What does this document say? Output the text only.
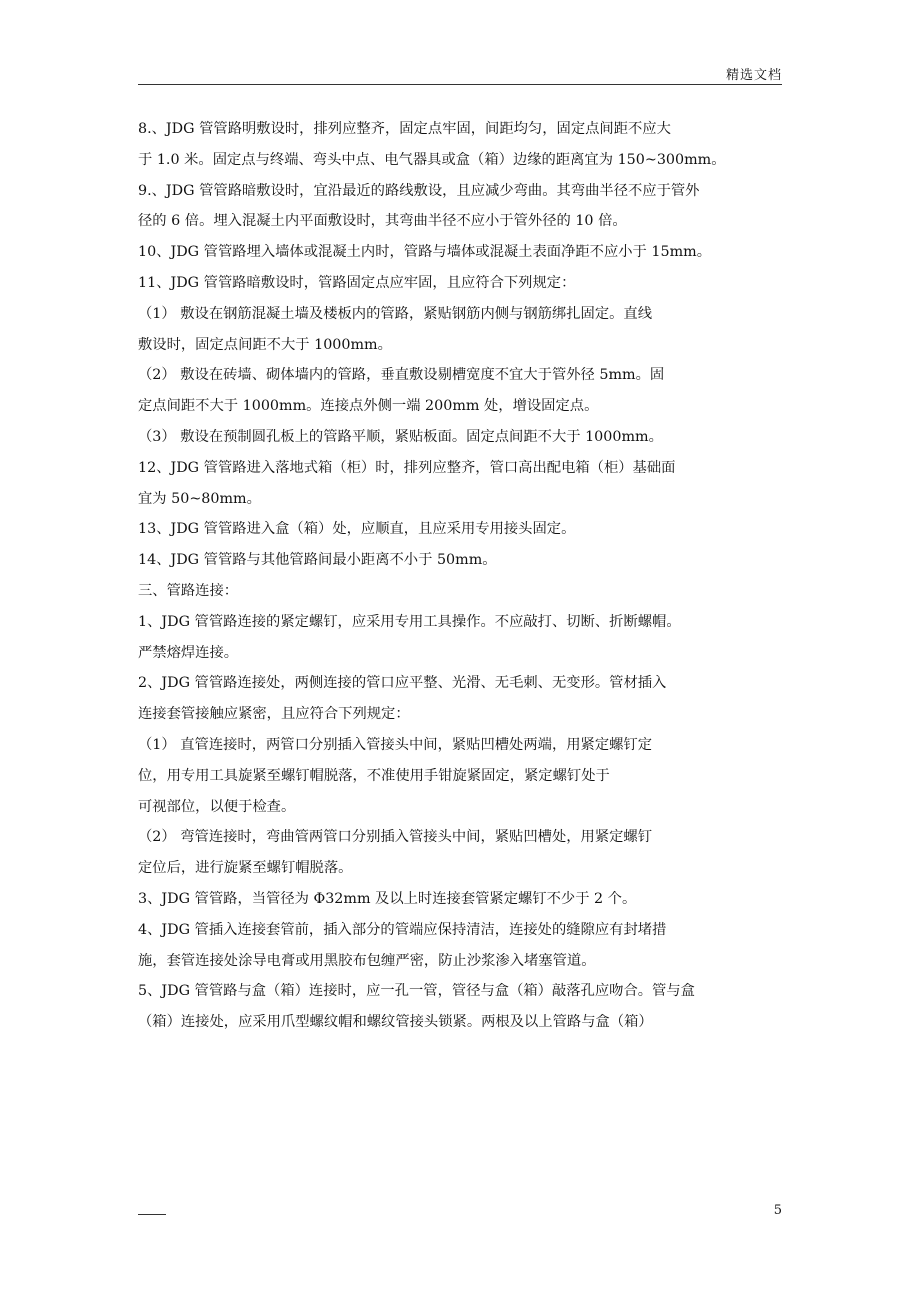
精选文档
8.、JDG 管管路明敷设时，排列应整齐，固定点牢固，间距均匀，固定点间距不应大
于 1.0 米。固定点与终端、弯头中点、电气器具或盒（箱）边缘的距离宜为 150~300mm。
9.、JDG 管管路暗敷设时，宜沿最近的路线敷设，且应减少弯曲。其弯曲半径不应于管外
径的 6 倍。埋入混凝土内平面敷设时，其弯曲半径不应小于管外径的 10 倍。
10、JDG 管管路埋入墙体或混凝土内时，管路与墙体或混凝土表面净距不应小于 15mm。
11、JDG 管管路暗敷设时，管路固定点应牢固，且应符合下列规定：
（1） 敷设在钢筋混凝土墙及楼板内的管路，紧贴钢筋内侧与钢筋绑扎固定。直线
敷设时，固定点间距不大于 1000mm。
（2） 敷设在砖墙、砌体墙内的管路，垂直敷设剔槽宽度不宜大于管外径 5mm。固
定点间距不大于 1000mm。连接点外侧一端 200mm 处，增设固定点。
（3） 敷设在预制圆孔板上的管路平顺，紧贴板面。固定点间距不大于 1000mm。
12、JDG 管管路进入落地式箱（柜）时，排列应整齐，管口高出配电箱（柜）基础面
宜为 50~80mm。
13、JDG 管管路进入盒（箱）处，应顺直，且应采用专用接头固定。
14、JDG 管管路与其他管路间最小距离不小于 50mm。
三、管路连接：
1、JDG 管管路连接的紧定螺钉，应采用专用工具操作。不应敲打、切断、折断螺帽。
严禁熔焊连接。
2、JDG 管管路连接处，两侧连接的管口应平整、光滑、无毛刺、无变形。管材插入
连接套管接触应紧密，且应符合下列规定：
（1） 直管连接时，两管口分别插入管接头中间，紧贴凹槽处两端，用紧定螺钉定
位，用专用工具旋紧至螺钉帽脱落，不准使用手钳旋紧固定，紧定螺钉处于
可视部位，以便于检查。
（2） 弯管连接时，弯曲管两管口分别插入管接头中间，紧贴凹槽处，用紧定螺钉
定位后，进行旋紧至螺钉帽脱落。
3、JDG 管管路，当管径为 Φ32mm 及以上时连接套管紧定螺钉不少于 2 个。
4、JDG 管插入连接套管前，插入部分的管端应保持清洁，连接处的缝隙应有封堵措
施，套管连接处涂导电膏或用黑胶布包缠严密，防止沙浆渗入堵塞管道。
5、JDG 管管路与盒（箱）连接时，应一孔一管，管径与盒（箱）敲落孔应吻合。管与盒
（箱）连接处，应采用爪型螺纹帽和螺纹管接头锁紧。两根及以上管路与盒（箱）
5
